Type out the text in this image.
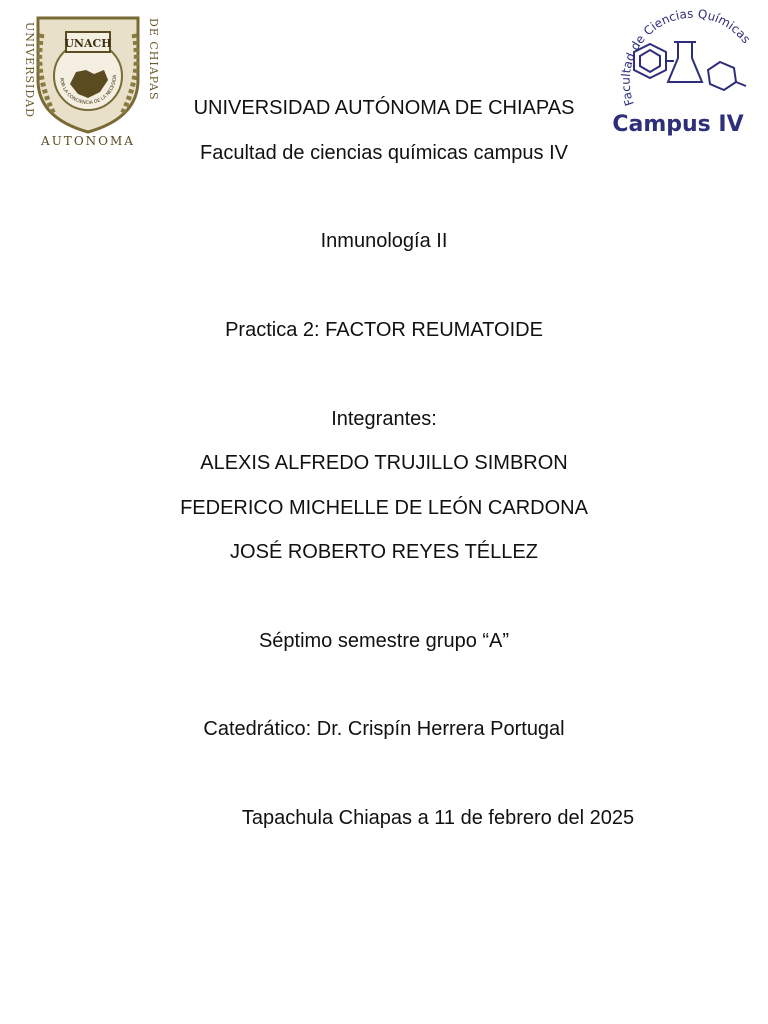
UNIVERSIDAD	DE CHIAPAS
UNACH
POR LA CONCIENCIA DE LA NECESIDA
AUTONOMA
Facultad de Ciencias Químicas
Campus IV
UNIVERSIDAD AUTÓNOMA DE CHIAPAS
Facultad de ciencias químicas campus IV
Inmunología II
Practica 2: FACTOR REUMATOIDE
Integrantes:
ALEXIS ALFREDO TRUJILLO SIMBRON
FEDERICO MICHELLE DE LEÓN CARDONA
JOSÉ ROBERTO REYES TÉLLEZ
Séptimo semestre grupo “A”
Catedrático: Dr. Crispín Herrera Portugal
Tapachula Chiapas a 11 de febrero del 2025
